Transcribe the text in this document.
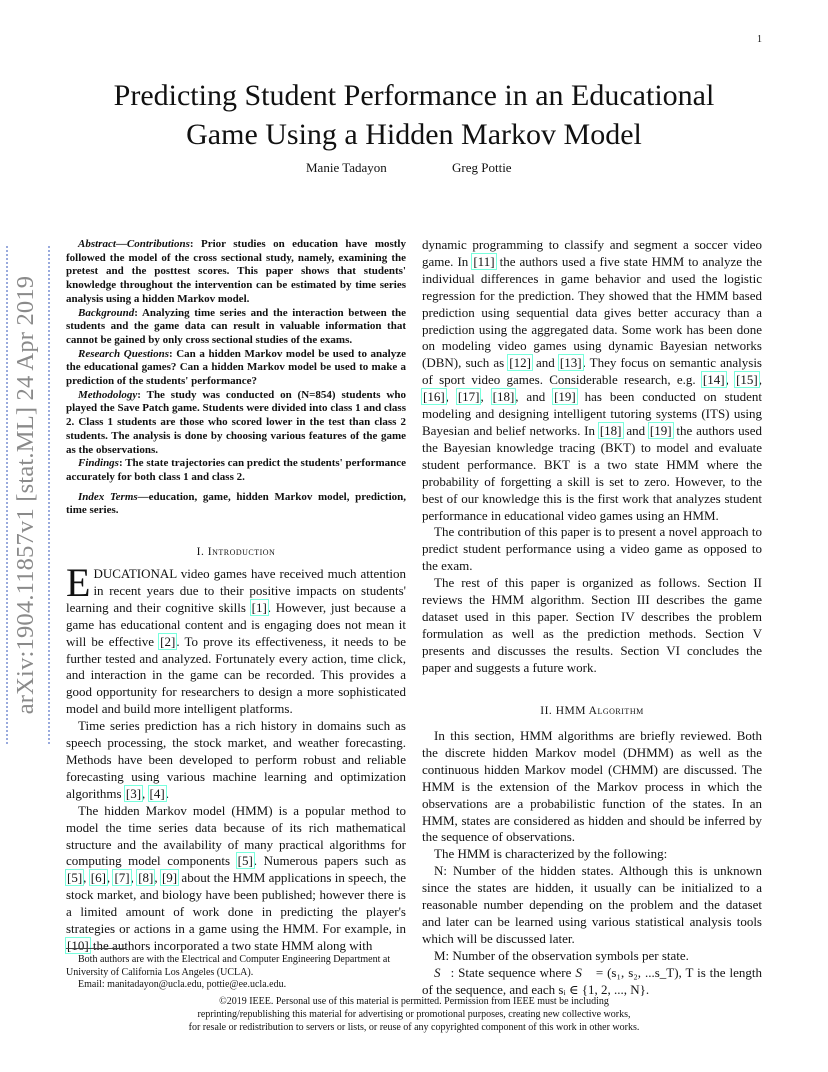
1
Predicting Student Performance in an Educational
Game Using a Hidden Markov Model
Manie Tadayon	Greg Pottie
arXiv:1904.11857v1 [stat.ML] 24 Apr 2019

Abstract—Contributions: Prior studies on education have mostly followed the model of the cross sectional study, namely, examining the pretest and the posttest scores. This paper shows that students' knowledge throughout the intervention can be estimated by time series analysis using a hidden Markov model.

Background: Analyzing time series and the interaction between the students and the game data can result in valuable information that cannot be gained by only cross sectional studies of the exams.

Research Questions: Can a hidden Markov model be used to analyze the educational games? Can a hidden Markov model be used to make a prediction of the students' performance?

Methodology: The study was conducted on (N=854) students who played the Save Patch game. Students were divided into class 1 and class 2. Class 1 students are those who scored lower in the test than class 2 students. The analysis is done by choosing various features of the game as the observations.

Findings: The state trajectories can predict the students' performance accurately for both class 1 and class 2.

Index Terms—education, game, hidden Markov model, prediction, time series.

I. Introduction

EDUCATIONAL video games have received much attention in recent years due to their positive impacts on students' learning and their cognitive skills [1]. However, just because a game has educational content and is engaging does not mean it will be effective [2]. To prove its effectiveness, it needs to be further tested and analyzed. Fortunately every action, time click, and interaction in the game can be recorded. This provides a good opportunity for researchers to design a more sophisticated model and build more intelligent platforms.

Time series prediction has a rich history in domains such as speech processing, the stock market, and weather forecasting. Methods have been developed to perform robust and reliable forecasting using various machine learning and optimization algorithms [3], [4].

The hidden Markov model (HMM) is a popular method to model the time series data because of its rich mathematical structure and the availability of many practical algorithms for computing model components [5]. Numerous papers such as [5], [6], [7], [8], [9] about the HMM applications in speech, the stock market, and biology have been published; however there is a limited amount of work done in predicting the player's strategies or actions in a game using the HMM. For example, in [10] the authors incorporated a two state HMM along with

Both authors are with the Electrical and Computer Engineering Department at University of California Los Angeles (UCLA).

Email: manitadayon@ucla.edu, pottie@ee.ucla.edu.

dynamic programming to classify and segment a soccer video game. In [11] the authors used a five state HMM to analyze the individual differences in game behavior and used the logistic regression for the prediction. They showed that the HMM based prediction using sequential data gives better accuracy than a prediction using the aggregated data. Some work has been done on modeling video games using dynamic Bayesian networks (DBN), such as [12] and [13]. They focus on semantic analysis of sport video games. Considerable research, e.g. [14], [15], [16], [17], [18], and [19] has been conducted on student modeling and designing intelligent tutoring systems (ITS) using Bayesian and belief networks. In [18] and [19] the authors used the Bayesian knowledge tracing (BKT) to model and evaluate student performance. BKT is a two state HMM where the probability of forgetting a skill is set to zero. However, to the best of our knowledge this is the first work that analyzes student performance in educational video games using an HMM.

The contribution of this paper is to present a novel approach to predict student performance using a video game as opposed to the exam.

The rest of this paper is organized as follows. Section II reviews the HMM algorithm. Section III describes the game dataset used in this paper. Section IV describes the problem formulation as well as the prediction methods. Section V presents and discusses the results. Section VI concludes the paper and suggests a future work.

II. HMM Algorithm

In this section, HMM algorithms are briefly reviewed. Both the discrete hidden Markov model (DHMM) as well as the continuous hidden Markov model (CHMM) are discussed. The HMM is the extension of the Markov process in which the observations are a probabilistic function of the states. In an HMM, states are considered as hidden and should be inferred by the sequence of observations.

The HMM is characterized by the following:

N: Number of the hidden states. Although this is unknown since the states are hidden, it usually can be initialized to a reasonable number depending on the problem and the dataset and later can be learned using various statistical analysis tools which will be discussed later.

M: Number of the observation symbols per state.

S⃗: State sequence where S⃗ = (s₁, s₂, ...s_T), T is the length of the sequence, and each sᵢ ∈ {1, 2, ..., N}.

©2019 IEEE. Personal use of this material is permitted. Permission from IEEE must be including
reprinting/republishing this material for advertising or promotional purposes, creating new collective works,
for resale or redistribution to servers or lists, or reuse of any copyrighted component of this work in other works.
